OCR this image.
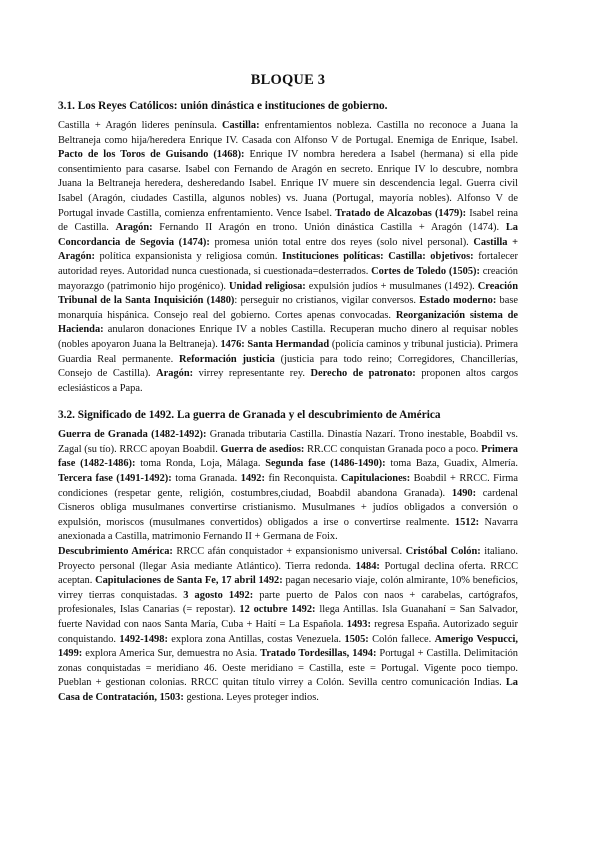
BLOQUE 3
3.1. Los Reyes Católicos: unión dinástica e instituciones de gobierno.

Castilla + Aragón lideres península. Castilla: enfrentamientos nobleza. Castilla no reconoce a Juana la Beltraneja como hija/heredera Enrique IV. Casada con Alfonso V de Portugal. Enemiga de Enrique, Isabel. Pacto de los Toros de Guisando (1468): Enrique IV nombra heredera a Isabel (hermana) si ella pide consentimiento para casarse. Isabel con Fernando de Aragón en secreto. Enrique IV lo descubre, nombra Juana la Beltraneja heredera, desheredando Isabel. Enrique IV muere sin descendencia legal. Guerra civil Isabel (Aragón, ciudades Castilla, algunos nobles) vs. Juana (Portugal, mayoría nobles). Alfonso V de Portugal invade Castilla, comienza enfrentamiento. Vence Isabel. Tratado de Alcazobas (1479): Isabel reina de Castilla. Aragón: Fernando II Aragón en trono. Unión dinástica Castilla + Aragón (1474). La Concordancia de Segovia (1474): promesa unión total entre dos reyes (solo nivel personal). Castilla + Aragón: política expansionista y religiosa común. Instituciones políticas: Castilla: objetivos: fortalecer autoridad reyes. Autoridad nunca cuestionada, si cuestionada=desterrados. Cortes de Toledo (1505): creación mayorazgo (patrimonio hijo progénico). Unidad religiosa: expulsión judíos + musulmanes (1492). Creación Tribunal de la Santa Inquisición (1480): perseguir no cristianos, vigilar conversos. Estado moderno: base monarquía hispánica. Consejo real del gobierno. Cortes apenas convocadas. Reorganización sistema de Hacienda: anularon donaciones Enrique IV a nobles Castilla. Recuperan mucho dinero al requisar nobles (nobles apoyaron Juana la Beltraneja). 1476: Santa Hermandad (policía caminos y tribunal justicia). Primera Guardia Real permanente. Reformación justicia (justicia para todo reino; Corregidores, Chancillerías, Consejo de Castilla). Aragón: virrey representante rey. Derecho de patronato: proponen altos cargos eclesiásticos a Papa.

3.2. Significado de 1492. La guerra de Granada y el descubrimiento de América

Guerra de Granada (1482-1492): Granada tributaria Castilla. Dinastía Nazarí. Trono inestable, Boabdil vs. Zagal (su tío). RRCC apoyan Boabdil. Guerra de asedios: RR.CC conquistan Granada poco a poco. Primera fase (1482-1486): toma Ronda, Loja, Málaga. Segunda fase (1486-1490): toma Baza, Guadix, Almería. Tercera fase (1491-1492): toma Granada. 1492: fin Reconquista. Capitulaciones: Boabdil + RRCC. Firma condiciones (respetar gente, religión, costumbres,ciudad, Boabdil abandona Granada). 1490: cardenal Cisneros obliga musulmanes convertirse cristianismo. Musulmanes + judíos obligados a conversión o expulsión, moriscos (musulmanes convertidos) obligados a irse o convertirse realmente. 1512: Navarra anexionada a Castilla, matrimonio Fernando II + Germana de Foix.

Descubrimiento América: RRCC afán conquistador + expansionismo universal. Cristóbal Colón: italiano. Proyecto personal (llegar Asia mediante Atlántico). Tierra redonda. 1484: Portugal declina oferta. RRCC aceptan. Capitulaciones de Santa Fe, 17 abril 1492: pagan necesario viaje, colón almirante, 10% beneficios, virrey tierras conquistadas. 3 agosto 1492: parte puerto de Palos con naos + carabelas, cartógrafos, profesionales, Islas Canarias (= repostar). 12 octubre 1492: llega Antillas. Isla Guanahaní = San Salvador, fuerte Navidad con naos Santa María, Cuba + Haití = La Española. 1493: regresa España. Autorizado seguir conquistando. 1492-1498: explora zona Antillas, costas Venezuela. 1505: Colón fallece. Amerigo Vespucci, 1499: explora America Sur, demuestra no Asia. Tratado Tordesillas, 1494: Portugal + Castilla. Delimitación zonas conquistadas = meridiano 46. Oeste meridiano = Castilla, este = Portugal. Vigente poco tiempo. Pueblan + gestionan colonias. RRCC quitan título virrey a Colón. Sevilla centro comunicación Indias. La Casa de Contratación, 1503: gestiona. Leyes proteger indios.
